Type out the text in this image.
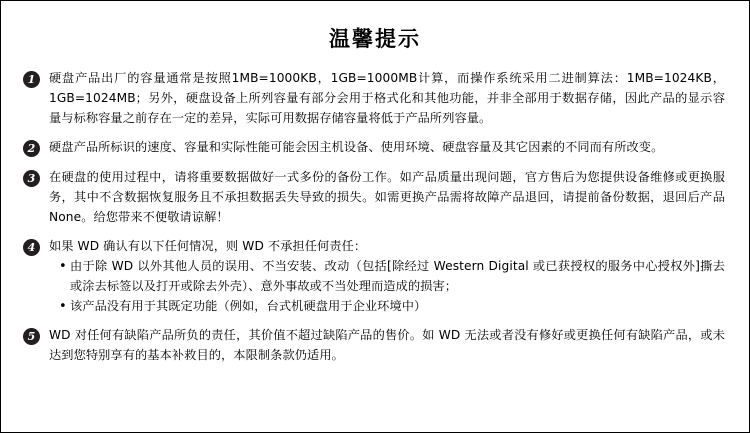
温馨提示
1	硬盘产品出厂的容量通常是按照1MB=1000KB，1GB=1000MB计算，而操作系统采用二进制算法：1MB=1024KB，1GB=1024MB；另外，硬盘设备上所列容量有部分会用于格式化和其他功能，并非全部用于数据存储，因此产品的显示容量与标称容量之前存在一定的差异，实际可用数据存储容量将低于产品所列容量。
2	硬盘产品所标识的速度、容量和实际性能可能会因主机设备、使用环境、硬盘容量及其它因素的不同而有所改变。
3	在硬盘的使用过程中，请将重要数据做好一式多份的备份工作。如产品质量出现问题，官方售后为您提供设备维修或更换服务，其中不含数据恢复服务且不承担数据丢失导致的损失。如需更换产品需将故障产品退回，请提前备份数据，退回后产品None。给您带来不便敬请谅解！
4	如果 WD 确认有以下任何情况，则 WD 不承担任何责任：
• 由于除 WD 以外其他人员的误用、不当安装、改动（包括[除经过 Western Digital 或已获授权的服务中心授权外]撕去或涂去标签以及打开或除去外壳）、意外事故或不当处理而造成的损害；
• 该产品没有用于其既定功能（例如，台式机硬盘用于企业环境中）
5	WD 对任何有缺陷产品所负的责任，其价值不超过缺陷产品的售价。如 WD 无法或者没有修好或更换任何有缺陷产品，或未达到您特别享有的基本补救目的，本限制条款仍适用。
